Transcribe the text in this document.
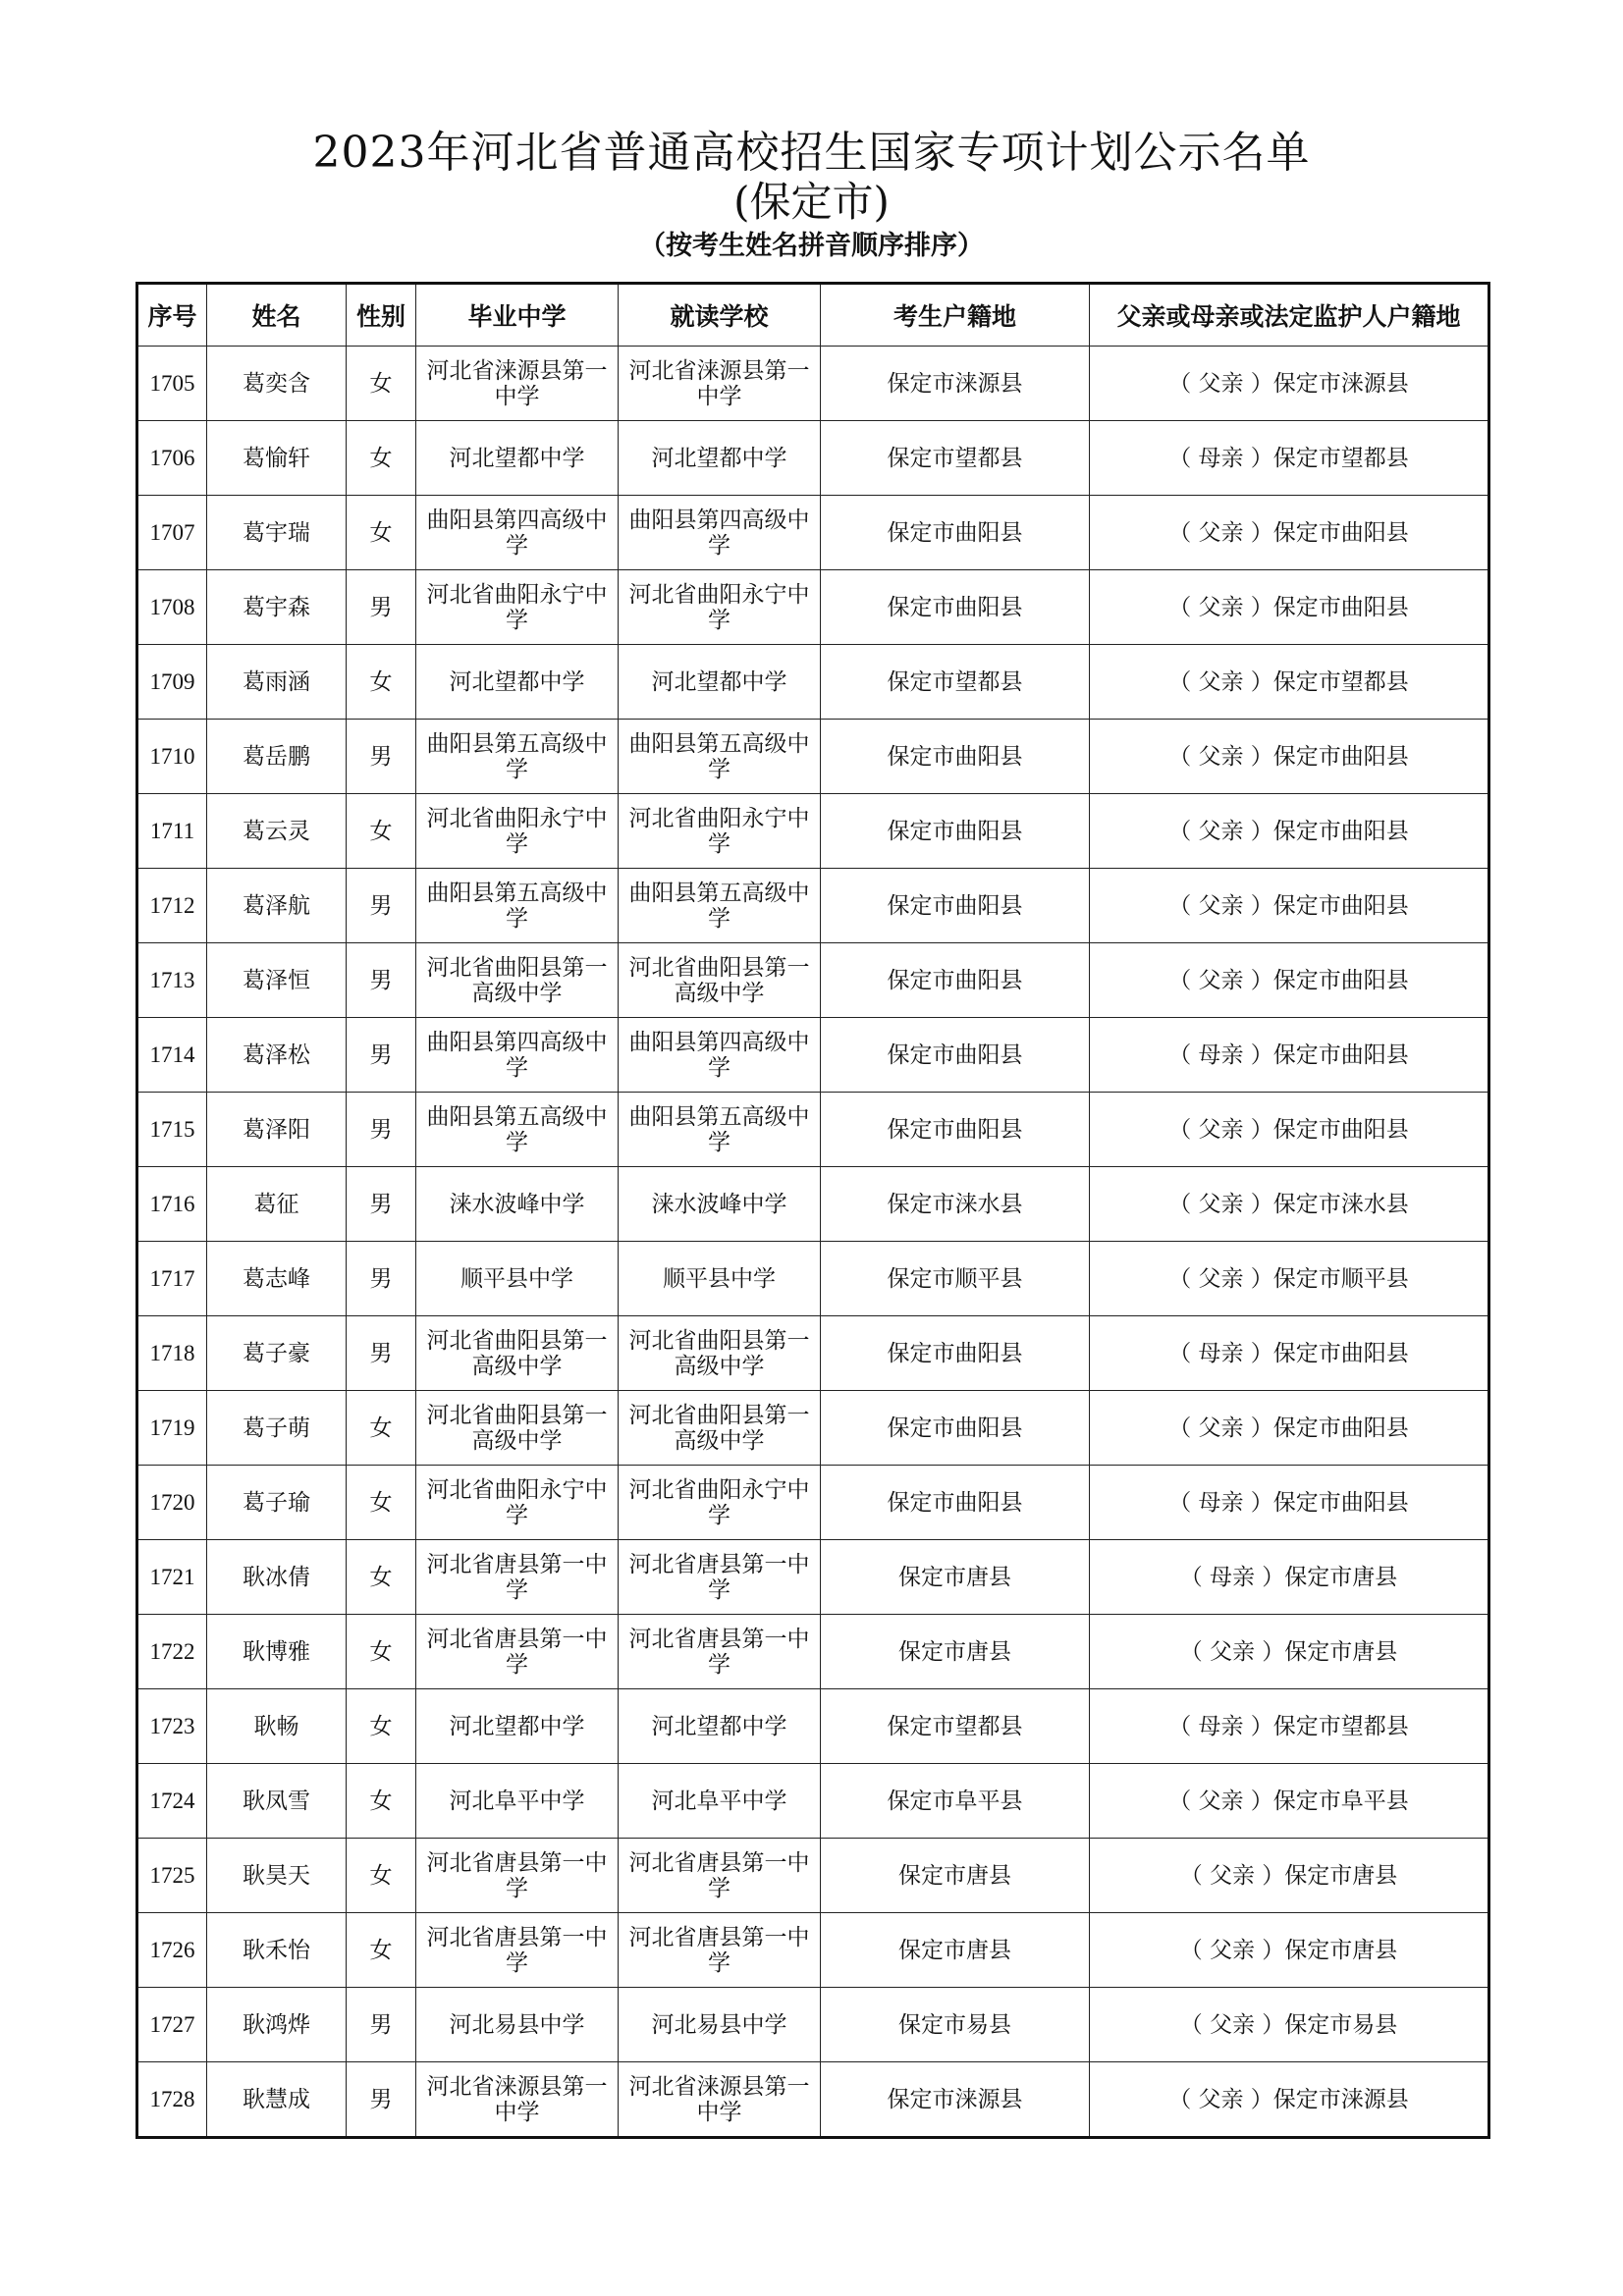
2023年河北省普通高校招生国家专项计划公示名单
(保定市)
（按考生姓名拼音顺序排序）
序号	姓名	性别	毕业中学	就读学校	考生户籍地	父亲或母亲或法定监护人户籍地
1705	葛奕含	女	河北省涞源县第一中学	河北省涞源县第一中学	保定市涞源县	（ 父亲 ）保定市涞源县
1706	葛愉轩	女	河北望都中学	河北望都中学	保定市望都县	（ 母亲 ）保定市望都县
1707	葛宇瑞	女	曲阳县第四高级中学	曲阳县第四高级中学	保定市曲阳县	（ 父亲 ）保定市曲阳县
1708	葛宇森	男	河北省曲阳永宁中学	河北省曲阳永宁中学	保定市曲阳县	（ 父亲 ）保定市曲阳县
1709	葛雨涵	女	河北望都中学	河北望都中学	保定市望都县	（ 父亲 ）保定市望都县
1710	葛岳鹏	男	曲阳县第五高级中学	曲阳县第五高级中学	保定市曲阳县	（ 父亲 ）保定市曲阳县
1711	葛云灵	女	河北省曲阳永宁中学	河北省曲阳永宁中学	保定市曲阳县	（ 父亲 ）保定市曲阳县
1712	葛泽航	男	曲阳县第五高级中学	曲阳县第五高级中学	保定市曲阳县	（ 父亲 ）保定市曲阳县
1713	葛泽恒	男	河北省曲阳县第一高级中学	河北省曲阳县第一高级中学	保定市曲阳县	（ 父亲 ）保定市曲阳县
1714	葛泽松	男	曲阳县第四高级中学	曲阳县第四高级中学	保定市曲阳县	（ 母亲 ）保定市曲阳县
1715	葛泽阳	男	曲阳县第五高级中学	曲阳县第五高级中学	保定市曲阳县	（ 父亲 ）保定市曲阳县
1716	葛征	男	涞水波峰中学	涞水波峰中学	保定市涞水县	（ 父亲 ）保定市涞水县
1717	葛志峰	男	顺平县中学	顺平县中学	保定市顺平县	（ 父亲 ）保定市顺平县
1718	葛子豪	男	河北省曲阳县第一高级中学	河北省曲阳县第一高级中学	保定市曲阳县	（ 母亲 ）保定市曲阳县
1719	葛子萌	女	河北省曲阳县第一高级中学	河北省曲阳县第一高级中学	保定市曲阳县	（ 父亲 ）保定市曲阳县
1720	葛子瑜	女	河北省曲阳永宁中学	河北省曲阳永宁中学	保定市曲阳县	（ 母亲 ）保定市曲阳县
1721	耿冰倩	女	河北省唐县第一中学	河北省唐县第一中学	保定市唐县	（ 母亲 ）保定市唐县
1722	耿博雅	女	河北省唐县第一中学	河北省唐县第一中学	保定市唐县	（ 父亲 ）保定市唐县
1723	耿畅	女	河北望都中学	河北望都中学	保定市望都县	（ 母亲 ）保定市望都县
1724	耿凤雪	女	河北阜平中学	河北阜平中学	保定市阜平县	（ 父亲 ）保定市阜平县
1725	耿昊天	女	河北省唐县第一中学	河北省唐县第一中学	保定市唐县	（ 父亲 ）保定市唐县
1726	耿禾怡	女	河北省唐县第一中学	河北省唐县第一中学	保定市唐县	（ 父亲 ）保定市唐县
1727	耿鸿烨	男	河北易县中学	河北易县中学	保定市易县	（ 父亲 ）保定市易县
1728	耿慧成	男	河北省涞源县第一中学	河北省涞源县第一中学	保定市涞源县	（ 父亲 ）保定市涞源县
